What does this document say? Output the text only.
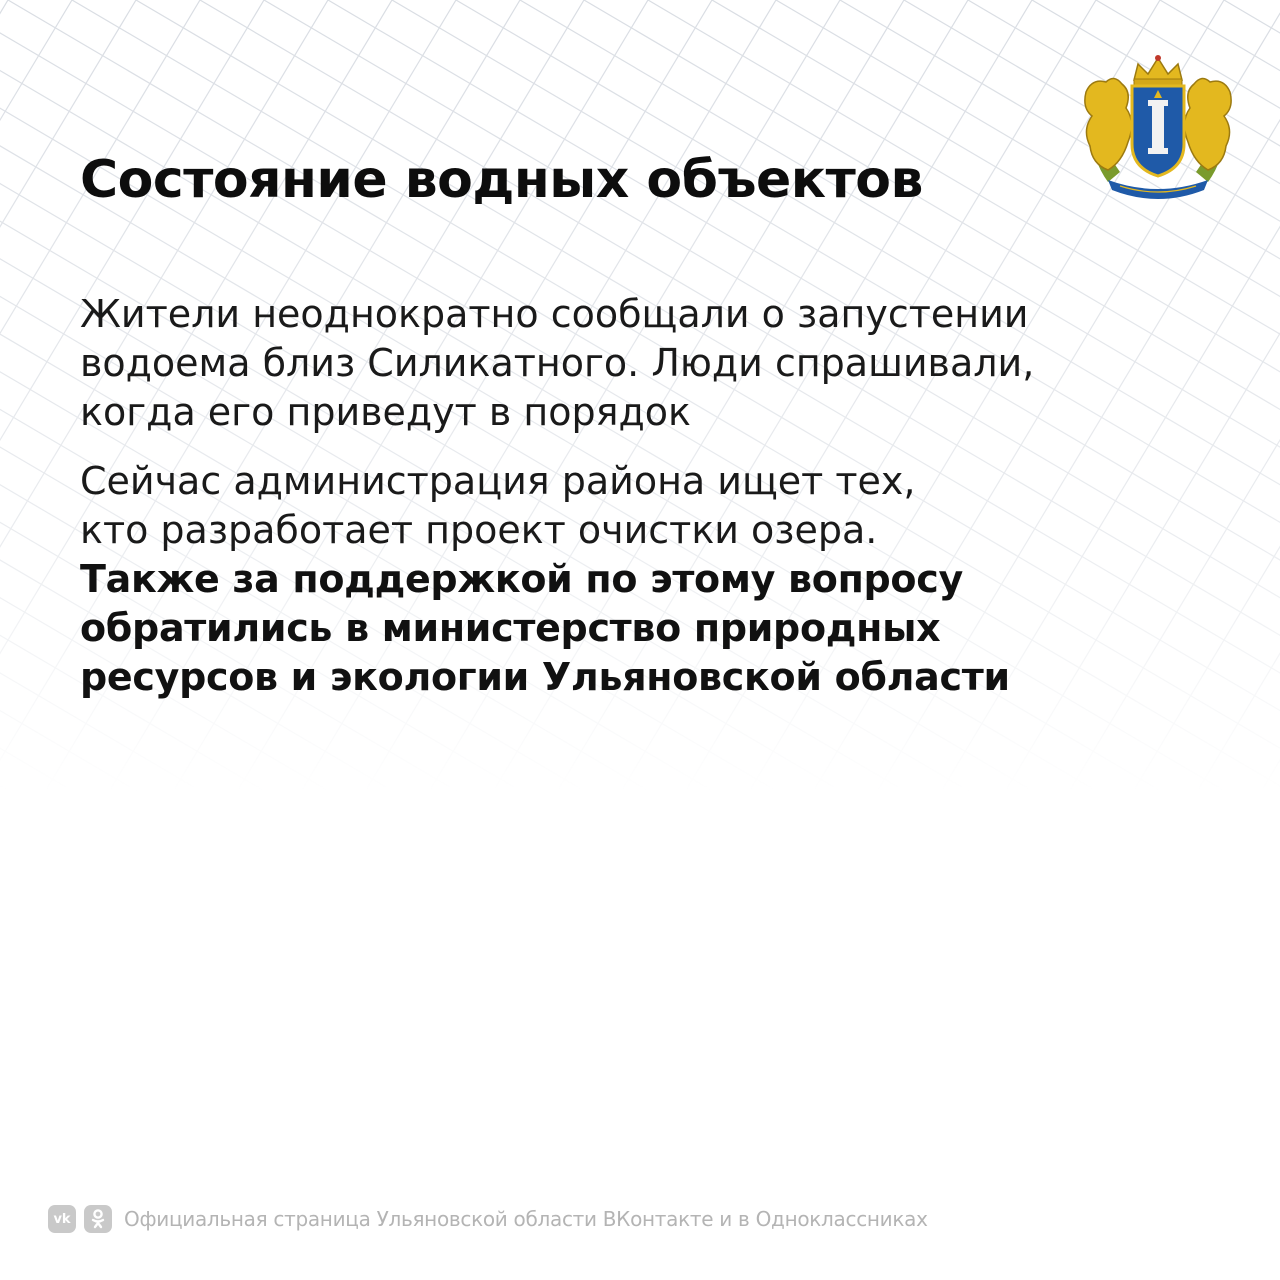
Состояние водных объектов

Жители неоднократно сообщали о запустении
водоема близ Силикатного. Люди спрашивали,
когда его приведут в порядок

Сейчас администрация района ищет тех,
кто разработает проект очистки озера.
Также за поддержкой по этому вопросу
обратились в министерство природных
ресурсов и экологии Ульяновской области

vk	Официальная страница Ульяновской области ВКонтакте и в Одноклассниках
